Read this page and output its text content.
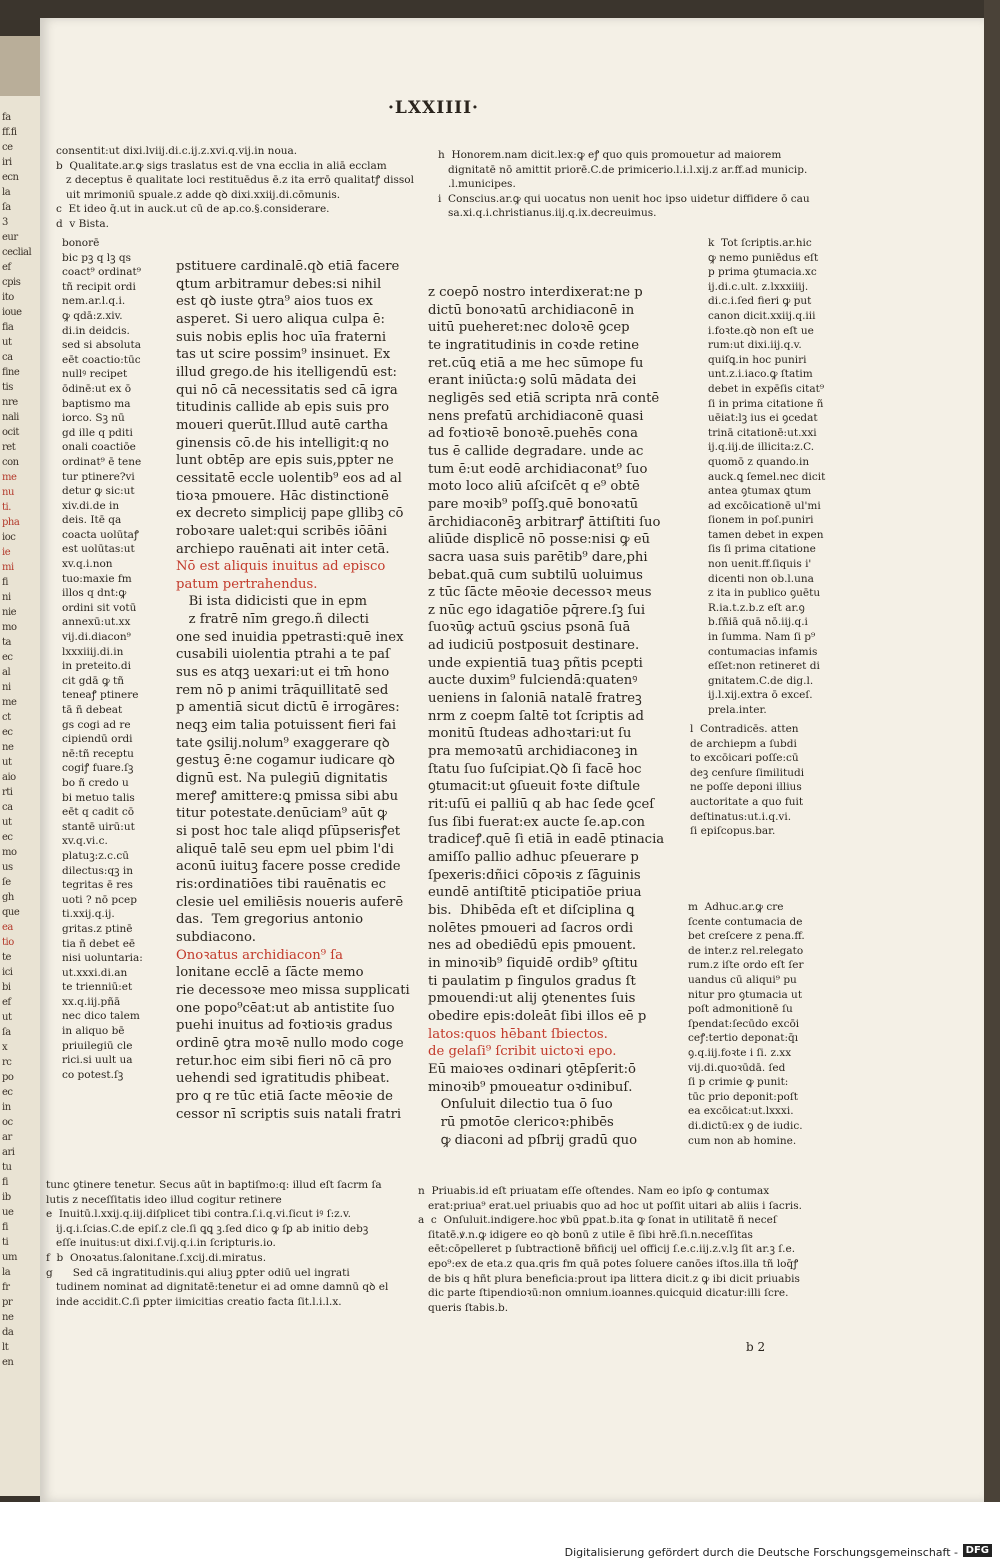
fa
ff.fi
ce
iri
ecn
la
ſa
3
eur
ceclial
ef
cpis
ito
ioue
fia
ut
ca
fine
tis
nre
nali
ocit
ret
con
me
nu
ti.
pha
ioc
ie
mi
fi
ni
nie
mo
ta
ec
al
ni
me
ct
ec
ne
ut
aio
rti
ca
ut
ec
mo
us
ſe
gh
que
ea
tio
te
ici
bi
ef
ut
ſa
x
rc
po
ec
in
oc
ar
ari
tu
fi
ib
ue
fi
ti
um
la
fr
pr
ne
da
lt
en
·LXXIIII·
consentit:ut dixi.lviij.di.c.ij.z.xvi.q.vij.in noua.
b  Qualitate.ar.ꝙ sigs traslatus est de vna ecclia in aliā ecclam
z deceptus ē qualitate loci restituēdus ē.z ita errō qualitatꝭ dissol
uit mrimoniū spuale.z adde qꝺ dixi.xxiij.di.cōmunis.
c  Et ideo q̄.ut in auck.ut cū de ap.co.§.considerare.
d  v Bista.
h  Honorem.nam dicit.lex:ꝙ eꝭ quo quis promouetur ad maiorem
dignitatē nō amittit priorē.C.de primicerio.l.i.l.xij.z ar.ff.ad municip.
.l.municipes.
i  Conscius.ar.ꝙ qui uocatus non uenit hoc ipso uidetur diffidere ō cau
sa.xi.q.i.christianus.iij.q.ix.decreuimus.
bonorē
bic pꝫ q lꝫ qs
coact⁹ ordinat⁹
tñ recipit ordi
nem.ar.l.q.i.
ꝙ qdā:z.xiv.
di.in deidcis.
sed si absoluta
eēt coactio:tūc
nullꝰ recipet
ōdinē:ut ex ō
baptismo ma
iorco. Sꝫ nū
gd ille q pditi
onali coactiōe
ordinat⁹ ē tene
tur ptinere?vi
detur ꝙ sic:ut
xiv.di.de in
deis. Itē qa
coacta uolūtaꝭ
est uolūtas:ut
xv.q.i.non
tuo:maxie fm
illos q dnt:ꝙ
ordini sit votū
annexū:ut.xx
vij.di.diacon⁹
lxxxiiij.di.in
in preteito.di
cit gdā ꝙ tñ
teneaꝭ ptinere
tā ñ debeat
gs cogi ad re
cipiendū ordi
nē:tñ receptu
cogiꝭ fuare.ſꝫ
bo ñ credo u
bi metuo talis
eēt q cadit cō
stantē uirū:ut
xv.q.vi.c.
platuꝫ:z.c.cū
dilectus:qꝫ in
tegritas ē res
uoti ? nō pcep
ti.xxij.q.ij.
gritas.z ptinē
tia ñ debet eē
nisi uoluntaria:
ut.xxxi.di.an
te trienniū:et
xx.q.iij.pñā
nec dico talem
in aliquo bē
priuilegiū cle
rici.si uult ua
co potest.ſꝫ
pstituere cardinalē.qꝺ etiā facere
ꝗtum arbitramur debes:si nihil
est qꝺ iuste ꝯtra⁹ aios tuos ex
asperet. Si uero aliqua culpa ē:
suis nobis eplis hoc uīa fraterni
tas ut scire possim⁹ insinuet. Ex
illud grego.de his itelligendū est:
qui nō cā necessitatis sed cā igra
titudinis callide ab epis suis pro
moueri querūt.Illud autē cartha
ginensis cō.de his intelligit:q no
lunt obtēp are epis suis,ppter ne
cessitatē eccle uolentib⁹ eos ad al
tioꝛa pmouere. Hāc distinctionē
ex decreto simplicij pape gllibꝫ cō
roboꝛare ualet:qui scribēs iōāni
archiepo rauēnati ait inter cetā.
Nō est aliquis inuitus ad episco
patum pertrahendus.
Bi ista didicisti que in epm
z fratrē nīm grego.ñ dilecti
one sed inuidia ppetrasti:quē inex
cusabili uiolentia ptrahi a te paſ
sus es atqꝫ uexari:ut ei tm̄ hono
rem nō p animi trāquillitatē sed
p amentiā sicut dictū ē irrogāres:
neqꝫ eim talia potuissent fieri fai
tate ꝯsilij.nolum⁹ exaggerare qꝺ
gestuꝫ ē:ne cogamur iudicare qꝺ
dignū est. Na pulegiū dignitatis
mereꝭ amittere:ꝗ pmissa sibi abu
titur potestate.denūciam⁹ aūt ꝙ
si post hoc tale aliqd pſūpserisꝭet
aliquē talē seu epm uel pbim l'di
aconū iuituꝫ facere posse credide
ris:ordinatiōes tibi rauēnatis ec
clesie uel emiliēsis noueris auferē
das.  Tem gregorius antonio
subdiacono.
Onoꝛatus archidiacon⁹ ſa
lonitane ecclē a ſācte memo
rie decessoꝛe meo missa supplicati
one popo⁹cēat:ut ab antistite ſuo
puehi inuitus ad foꝛtioꝛis gradus
ordinē ꝯtra moꝛē nullo modo coge
retur.hoc eim sibi fieri nō cā pro
uehendi sed igratitudis phibeat.
pro q re tūc etiā ſacte mēoꝛie de
cessor nī scriptis suis natali fratri
z coepō nostro interdixerat:ne p
dictū bonoꝛatū archidiaconē in
uitū pueheret:nec doloꝛē ꝯcep
te ingratitudinis in coꝛde retine
ret.cūꝗ etiā a me hec sūmope fu
erant iniūcta:ꝯ solū mādata dei
negligēs sed etiā scripta nrā contē
nens prefatū archidiaconē quasi
ad foꝛtioꝛē bonoꝛē.puehēs cona
tus ē callide degradare. unde ac
tum ē:ut eodē archidiaconat⁹ ſuo
moto loco aliū aſciſcēt q e⁹ obtē
pare moꝛib⁹ poſſꝫ.quē bonoꝛatū
ārchidiaconēꝫ arbitrarꝭ āttiſtiti ſuo
aliūde displicē nō posse:nisi ꝙ eū
sacra uasa suis parētib⁹ dare,phi
bebat.quā cum subtilū uoluimus
z tūc ſācte mēoꝛie decessoꝛ meus
z nūc ego idagatiōe pq̄rere.ſꝫ ſui
ſuoꝛūꝙ actuū ꝯscius psonā ſuā
ad iudiciū postposuit destinare.
unde expientiā tuaꝫ pñtis pcepti
aucte duxim⁹ fulciendā:quatenꝰ
ueniens in ſaloniā natalē fratreꝫ
nrm z coepm ſaltē tot ſcriptis ad
monitū ſtudeas adhoꝛtari:ut ſu
pra memoꝛatū archidiaconeꝫ in
ſtatu ſuo ſuſcipiat.Qꝺ ſi facē hoc
ꝯtumacit:ut ꝯſueuit foꝛte diſtule
rit:uſū ei palliū q ab hac ſede ꝯceſ
ſus ſibi fuerat:ex aucte ſe.ap.con
tradiceꝭ.quē ſi etiā in eadē ptinacia
amiſſo pallio adhuc pſeuerare p
ſpexeris:dñici cōpoꝛis z ſāguinis
eundē antiſtitē pticipatiōe priua
bis.  Dhibēda eſt et diſciplina ꝗ
nolētes pmoueri ad ſacros ordi
nes ad obediēdū epis pmouent.
in minoꝛib⁹ ſiquidē ordib⁹ ꝯſtitu
ti paulatim p ſingulos gradus ſt
pmouendi:ut alij ꝯtenentes ſuis
obedire epis:doleāt ſibi illos eē p
latos:quos hēbant ſbiectos.
de gelaſi⁹ ſcribit uictoꝛi epo.
Eū maioꝛes oꝛdinari ꝯtēpſerit:ō
minoꝛib⁹ pmoueatur oꝛdinibuſ.
Onſuluit dilectio tua ō ſuo
rū pmotōe clericoꝛ:phibēs
ꝙ diaconi ad pſbrij gradū quo
k  Tot ſcriptis.ar.hic
ꝙ nemo puniēdus eſt
p prima ꝯtumacia.xc
ij.di.c.ult. z.lxxxiiij.
di.c.i.ſed fieri ꝙ put
canon dicit.xxiij.q.iii
i.foꝛte.qꝺ non eſt ue
rum:ut dixi.iij.q.v.
quiſꝗ.in hoc puniri
unt.z.i.iaco.ꝙ ſtatim
debet in expēſis citat⁹
ſi in prima citatione ñ
uēiat:lꝫ ius ei ꝯcedat
trinā citationē:ut.xxi
ij.q.iij.de illicita:z.C.
quomō z quando.in
auck.ꝗ ſemel.nec dicit
antea ꝯtumax ꝗtum
ad excōicationē ul'mi
ſionem in poſ.puniri
tamen debet in expen
ſis ſi prima citatione
non uenit.ff.ſiquis i'
dicenti non ob.l.una
z ita in publico ꝯuētu
R.ia.t.z.b.z eſt ar.ꝯ
b.ſñiā quā nō.iij.q.i
in ſumma. Nam ſi p⁹
contumacias infamis
eſſet:non retineret di
gnitatem.C.de dig.l.
ij.l.xij.extra ō exceſ.
prela.inter.
l  Contradicēs. atten
de archiepm a ſubdi
to excōicari poſſe:cū
deꝫ cenſure ſimilitudi
ne poſſe deponi illius
auctoritate a quo fuit
deſtinatus:ut.i.q.vi.
ſi epiſcopus.bar.
m  Adhuc.ar.ꝙ cre
ſcente contumacia de
bet creſcere z pena.ff.
de inter.z rel.relegato
rum.z iſte ordo eſt ſer
uandus cū aliqui⁹ pu
nitur pro ꝯtumacia ut
poſt admonitionē ſu
ſpendat:ſecūdo excōi
ceꝭ:tertio deponat:q̄ı
ꝯ.q.iij.foꝛte i ſi. z.xx
vij.di.quoꝛūdā. ſed
ſi p crimie ꝙ punit:
tūc prio deponit:poſt
ea excōicat:ut.lxxxi.
di.dictū:ex ꝯ de iudic.
cum non ab homine.
tunc ꝯtinere tenetur. Secus aūt in baptiſmo:q: illud eſt ſacrm ſa
lutis z neceſſitatis ideo illud cogitur retinere
e  Inuitū.l.xxij.q.iij.diſplicet tibi contra.ſ.i.q.vi.ſicut iꝰ ſ:z.v.
ij.q.i.ſcias.C.de epiſ.z cle.ſi ꝗꝗ ꝫ.ſed dico ꝙ ſꝑ ab initio debꝫ
eſſe inuitus:ut dixi.ſ.vij.q.i.in ſcripturis.io.
f  b  Onoꝛatus.ſalonitane.ſ.xcij.di.miratus.
g      Sed cā ingratitudinis.qui aliuꝫ ꝑpter odiū uel ingrati
tudinem nominat ad dignitatē:tenetur ei ad omne damnū qꝺ el
inde accidit.C.ſi ꝑpter iimicitias creatio facta ſit.l.i.l.x.
n  Priuabis.id eſt priuatam eſſe oſtendes. Nam eo ipſo ꝙ contumax
erat:priua⁹ erat.uel priuabis quo ad hoc ut poſſit uitari ab aliis i ſacris.
a  c  Onſuluit.indigere.hoc ꝟbū ꝑpat.b.ita ꝙ ſonat in utilitatē ñ neceſ
ſitatē.ꝟ.n.ꝙ idigere eo qꝺ bonū z utile ē ſibi hrē.ſi.n.neceſſitas
eēt:cōpelleret p ſubtractionē bñficij uel officij ſ.e.c.iij.z.v.lꝫ ſit ar.ꝫ ſ.e.
epo⁹:ex de eta.z qua.qris fm quā potes ſoluere canōes iſtos.illa tñ loq̄ꝭ
de bis q hñt plura beneficia:prout ipa littera dicit.z ꝙ ibi dicit priuabis
dic parte ſtipendioꝛū:non omnium.ioannes.quicquid dicatur:illi ſcre.
queris ſtabis.b.
b 2
Digitalisierung gefördert durch die Deutsche Forschungsgemeinschaft - DFG
